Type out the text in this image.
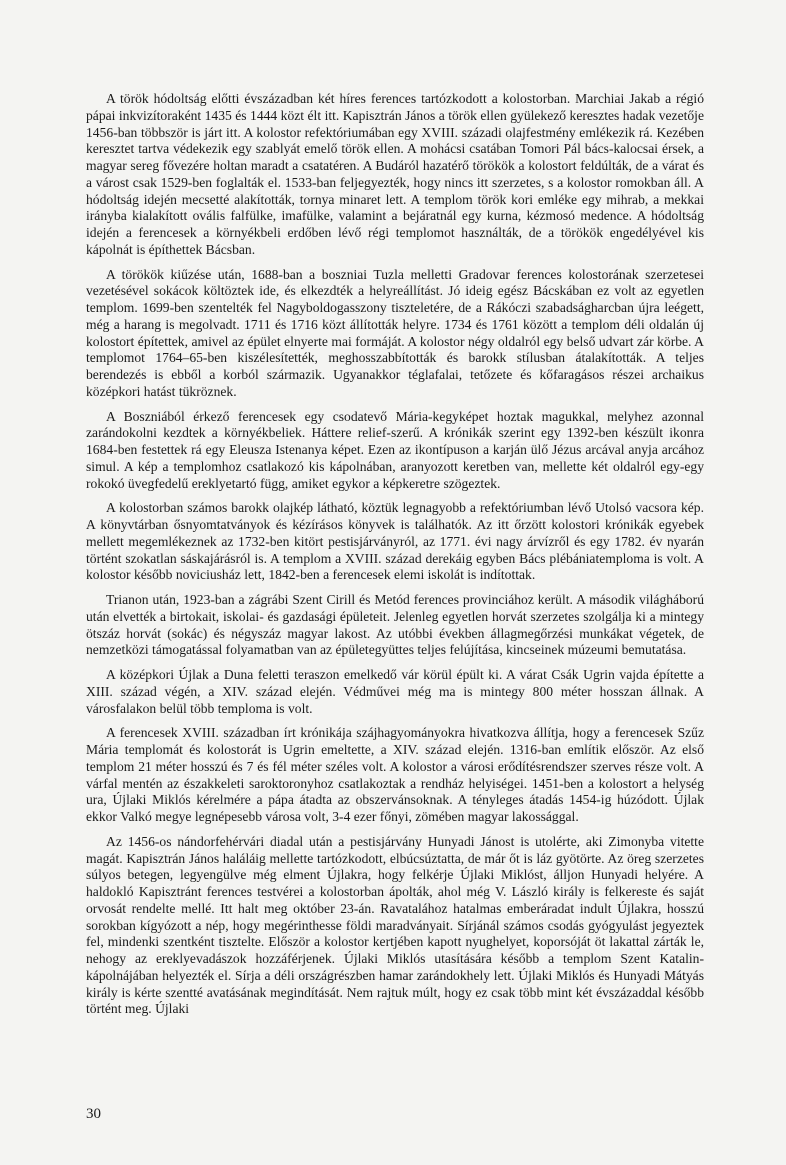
A török hódoltság előtti évszázadban két híres ferences tartózkodott a kolostorban. Marchiai Jakab a régió pápai inkvizítoraként 1435 és 1444 közt élt itt. Kapisztrán János a török ellen gyülekező keresztes hadak vezetője 1456-ban többször is járt itt. A kolostor refektóriumában egy XVIII. századi olajfestmény emlékezik rá. Kezében keresztet tartva védekezik egy szablyát emelő török ellen. A mohácsi csatában Tomori Pál bács-kalocsai érsek, a magyar sereg fővezére holtan maradt a csatatéren. A Budáról hazatérő törökök a kolostort feldúlták, de a várat és a várost csak 1529-ben foglalták el. 1533-ban feljegyezték, hogy nincs itt szerzetes, s a kolostor romokban áll. A hódoltság idején mecsetté alakították, tornya minaret lett. A templom török kori emléke egy mihrab, a mekkai irányba kialakított ovális falfülke, imafülke, valamint a bejáratnál egy kurna, kézmosó medence. A hódoltság idején a ferencesek a környékbeli erdőben lévő régi templomot használták, de a törökök engedélyével kis kápolnát is építhettek Bácsban.

A törökök kiűzése után, 1688-ban a boszniai Tuzla melletti Gradovar ferences kolostorának szerzetesei vezetésével sokácok költöztek ide, és elkezdték a helyreállítást. Jó ideig egész Bácskában ez volt az egyetlen templom. 1699-ben szentelték fel Nagyboldogasszony tiszteletére, de a Rákóczi szabadságharcban újra leégett, még a harang is megolvadt. 1711 és 1716 közt állították helyre. 1734 és 1761 között a templom déli oldalán új kolostort építettek, amivel az épület elnyerte mai formáját. A kolostor négy oldalról egy belső udvart zár körbe. A templomot 1764–65-ben kiszélesítették, meghosszabbították és barokk stílusban átalakították. A teljes berendezés is ebből a korból származik. Ugyanakkor téglafalai, tetőzete és kőfaragásos részei archaikus középkori hatást tükröznek.

A Boszniából érkező ferencesek egy csodatevő Mária-kegyképet hoztak magukkal, melyhez azonnal zarándokolni kezdtek a környékbeliek. Háttere relief-szerű. A krónikák szerint egy 1392-ben készült ikonra 1684-ben festettek rá egy Eleusza Istenanya képet. Ezen az ikontípuson a karján ülő Jézus arcával anyja arcához simul. A kép a templomhoz csatlakozó kis kápolnában, aranyozott keretben van, mellette két oldalról egy-egy rokokó üvegfedelű ereklyetartó függ, amiket egykor a képkeretre szögeztek.

A kolostorban számos barokk olajkép látható, köztük legnagyobb a refektóriumban lévő Utolsó vacsora kép. A könyvtárban ősnyomtatványok és kézírásos könyvek is találhatók. Az itt őrzött kolostori krónikák egyebek mellett megemlékeznek az 1732-ben kitört pestisjárványról, az 1771. évi nagy árvízről és egy 1782. év nyarán történt szokatlan sáskajárásról is. A templom a XVIII. század derekáig egyben Bács plébániatemploma is volt. A kolostor később noviciusház lett, 1842-ben a ferencesek elemi iskolát is indítottak.

Trianon után, 1923-ban a zágrábi Szent Cirill és Metód ferences provinciához került. A második világháború után elvették a birtokait, iskolai- és gazdasági épületeit. Jelenleg egyetlen horvát szerzetes szolgálja ki a mintegy ötszáz horvát (sokác) és négyszáz magyar lakost. Az utóbbi években állagmegőrzési munkákat végetek, de nemzetközi támogatással folyamatban van az épületegyüttes teljes felújítása, kincseinek múzeumi bemutatása.

A középkori Újlak a Duna feletti teraszon emelkedő vár körül épült ki. A várat Csák Ugrin vajda építette a XIII. század végén, a XIV. század elején. Védművei még ma is mintegy 800 méter hosszan állnak. A városfalakon belül több temploma is volt.

A ferencesek XVIII. században írt krónikája szájhagyományokra hivatkozva állítja, hogy a ferencesek Szűz Mária templomát és kolostorát is Ugrin emeltette, a XIV. század elején. 1316-ban említik először. Az első templom 21 méter hosszú és 7 és fél méter széles volt. A kolostor a városi erődítésrendszer szerves része volt. A várfal mentén az északkeleti saroktoronyhoz csatlakoztak a rendház helyiségei. 1451-ben a kolostort a helység ura, Újlaki Miklós kérelmére a pápa átadta az obszervánsoknak. A tényleges átadás 1454-ig húzódott. Újlak ekkor Valkó megye legnépesebb városa volt, 3-4 ezer főnyi, zömében magyar lakossággal.

Az 1456-os nándorfehérvári diadal után a pestisjárvány Hunyadi Jánost is utolérte, aki Zimonyba vitette magát. Kapisztrán János haláláig mellette tartózkodott, elbúcsúztatta, de már őt is láz gyötörte. Az öreg szerzetes súlyos betegen, legyengülve még elment Újlakra, hogy felkérje Újlaki Miklóst, álljon Hunyadi helyére. A haldokló Kapisztránt ferences testvérei a kolostorban ápolták, ahol még V. László király is felkereste és saját orvosát rendelte mellé. Itt halt meg október 23-án. Ravatalához hatalmas emberáradat indult Újlakra, hosszú sorokban kígyózott a nép, hogy megérinthesse földi maradványait. Sírjánál számos csodás gyógyulást jegyeztek fel, mindenki szentként tisztelte. Először a kolostor kertjében kapott nyughelyet, koporsóját öt lakattal zárták le, nehogy az ereklyevadászok hozzáférjenek. Újlaki Miklós utasítására később a templom Szent Katalin-kápolnájában helyezték el. Sírja a déli országrészben hamar zarándokhely lett. Újlaki Miklós és Hunyadi Mátyás király is kérte szentté avatásának megindítását. Nem rajtuk múlt, hogy ez csak több mint két évszázaddal később történt meg. Újlaki

30
